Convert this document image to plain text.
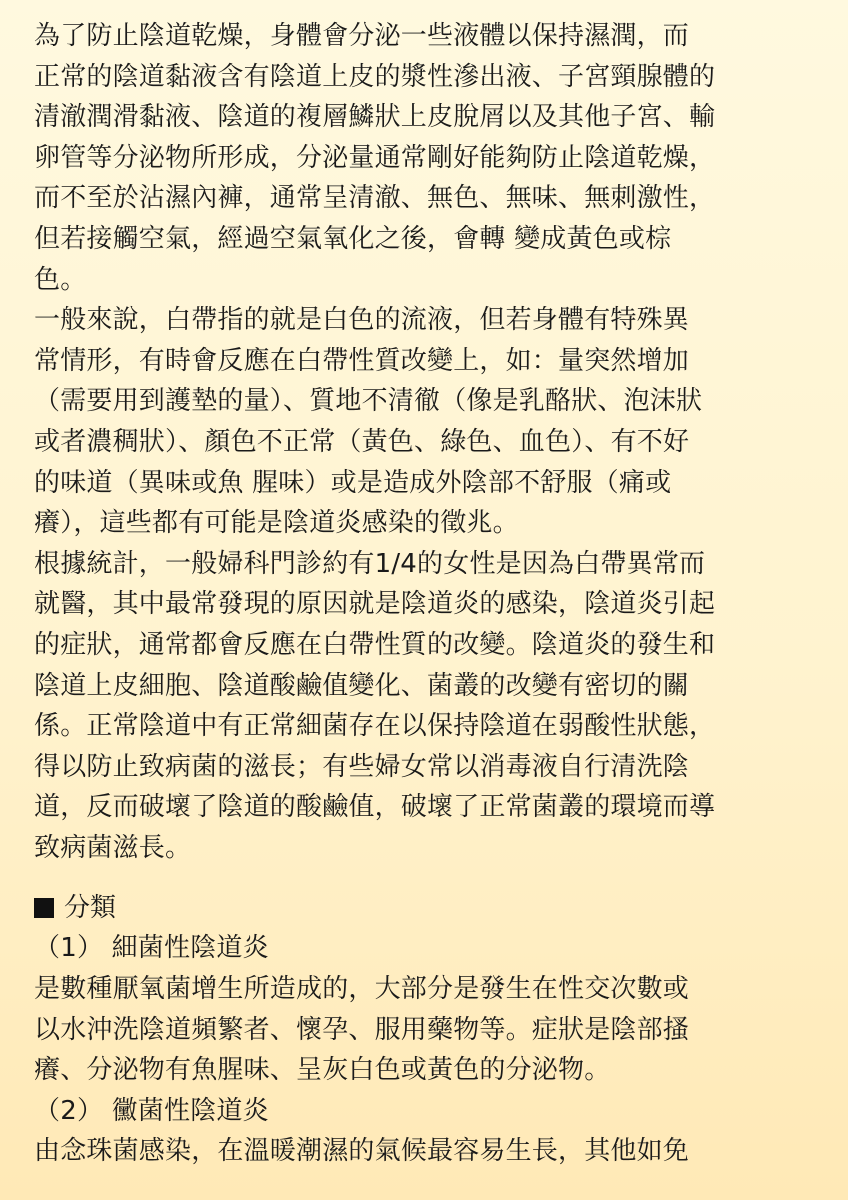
為了防止陰道乾燥，身體會分泌一些液體以保持濕潤，而
正常的陰道黏液含有陰道上皮的漿性滲出液、子宮頸腺體的
清澈潤滑黏液、陰道的複層鱗狀上皮脫屑以及其他子宮、輸
卵管等分泌物所形成，分泌量通常剛好能夠防止陰道乾燥，
而不至於沾濕內褲，通常呈清澈、無色、無味、無刺激性，
但若接觸空氣，經過空氣氧化之後，會轉 變成黃色或棕
色。
一般來說，白帶指的就是白色的流液，但若身體有特殊異
常情形，有時會反應在白帶性質改變上，如：量突然增加
（需要用到護墊的量）、質地不清徹（像是乳酪狀、泡沫狀
或者濃稠狀）、顏色不正常（黃色、綠色、血色）、有不好
的味道（異味或魚 腥味）或是造成外陰部不舒服（痛或
癢），這些都有可能是陰道炎感染的徵兆。
根據統計，一般婦科門診約有1/4的女性是因為白帶異常而
就醫，其中最常發現的原因就是陰道炎的感染，陰道炎引起
的症狀，通常都會反應在白帶性質的改變。陰道炎的發生和
陰道上皮細胞、陰道酸鹼值變化、菌叢的改變有密切的關
係。正常陰道中有正常細菌存在以保持陰道在弱酸性狀態，
得以防止致病菌的滋長；有些婦女常以消毒液自行清洗陰
道，反而破壞了陰道的酸鹼值，破壞了正常菌叢的環境而導
致病菌滋長。
分類
（1） 細菌性陰道炎
是數種厭氧菌增生所造成的，大部分是發生在性交次數或
以水沖洗陰道頻繁者、懷孕、服用藥物等。症狀是陰部搔
癢、分泌物有魚腥味、呈灰白色或黃色的分泌物。
（2） 黴菌性陰道炎
由念珠菌感染，在溫暖潮濕的氣候最容易生長，其他如免
